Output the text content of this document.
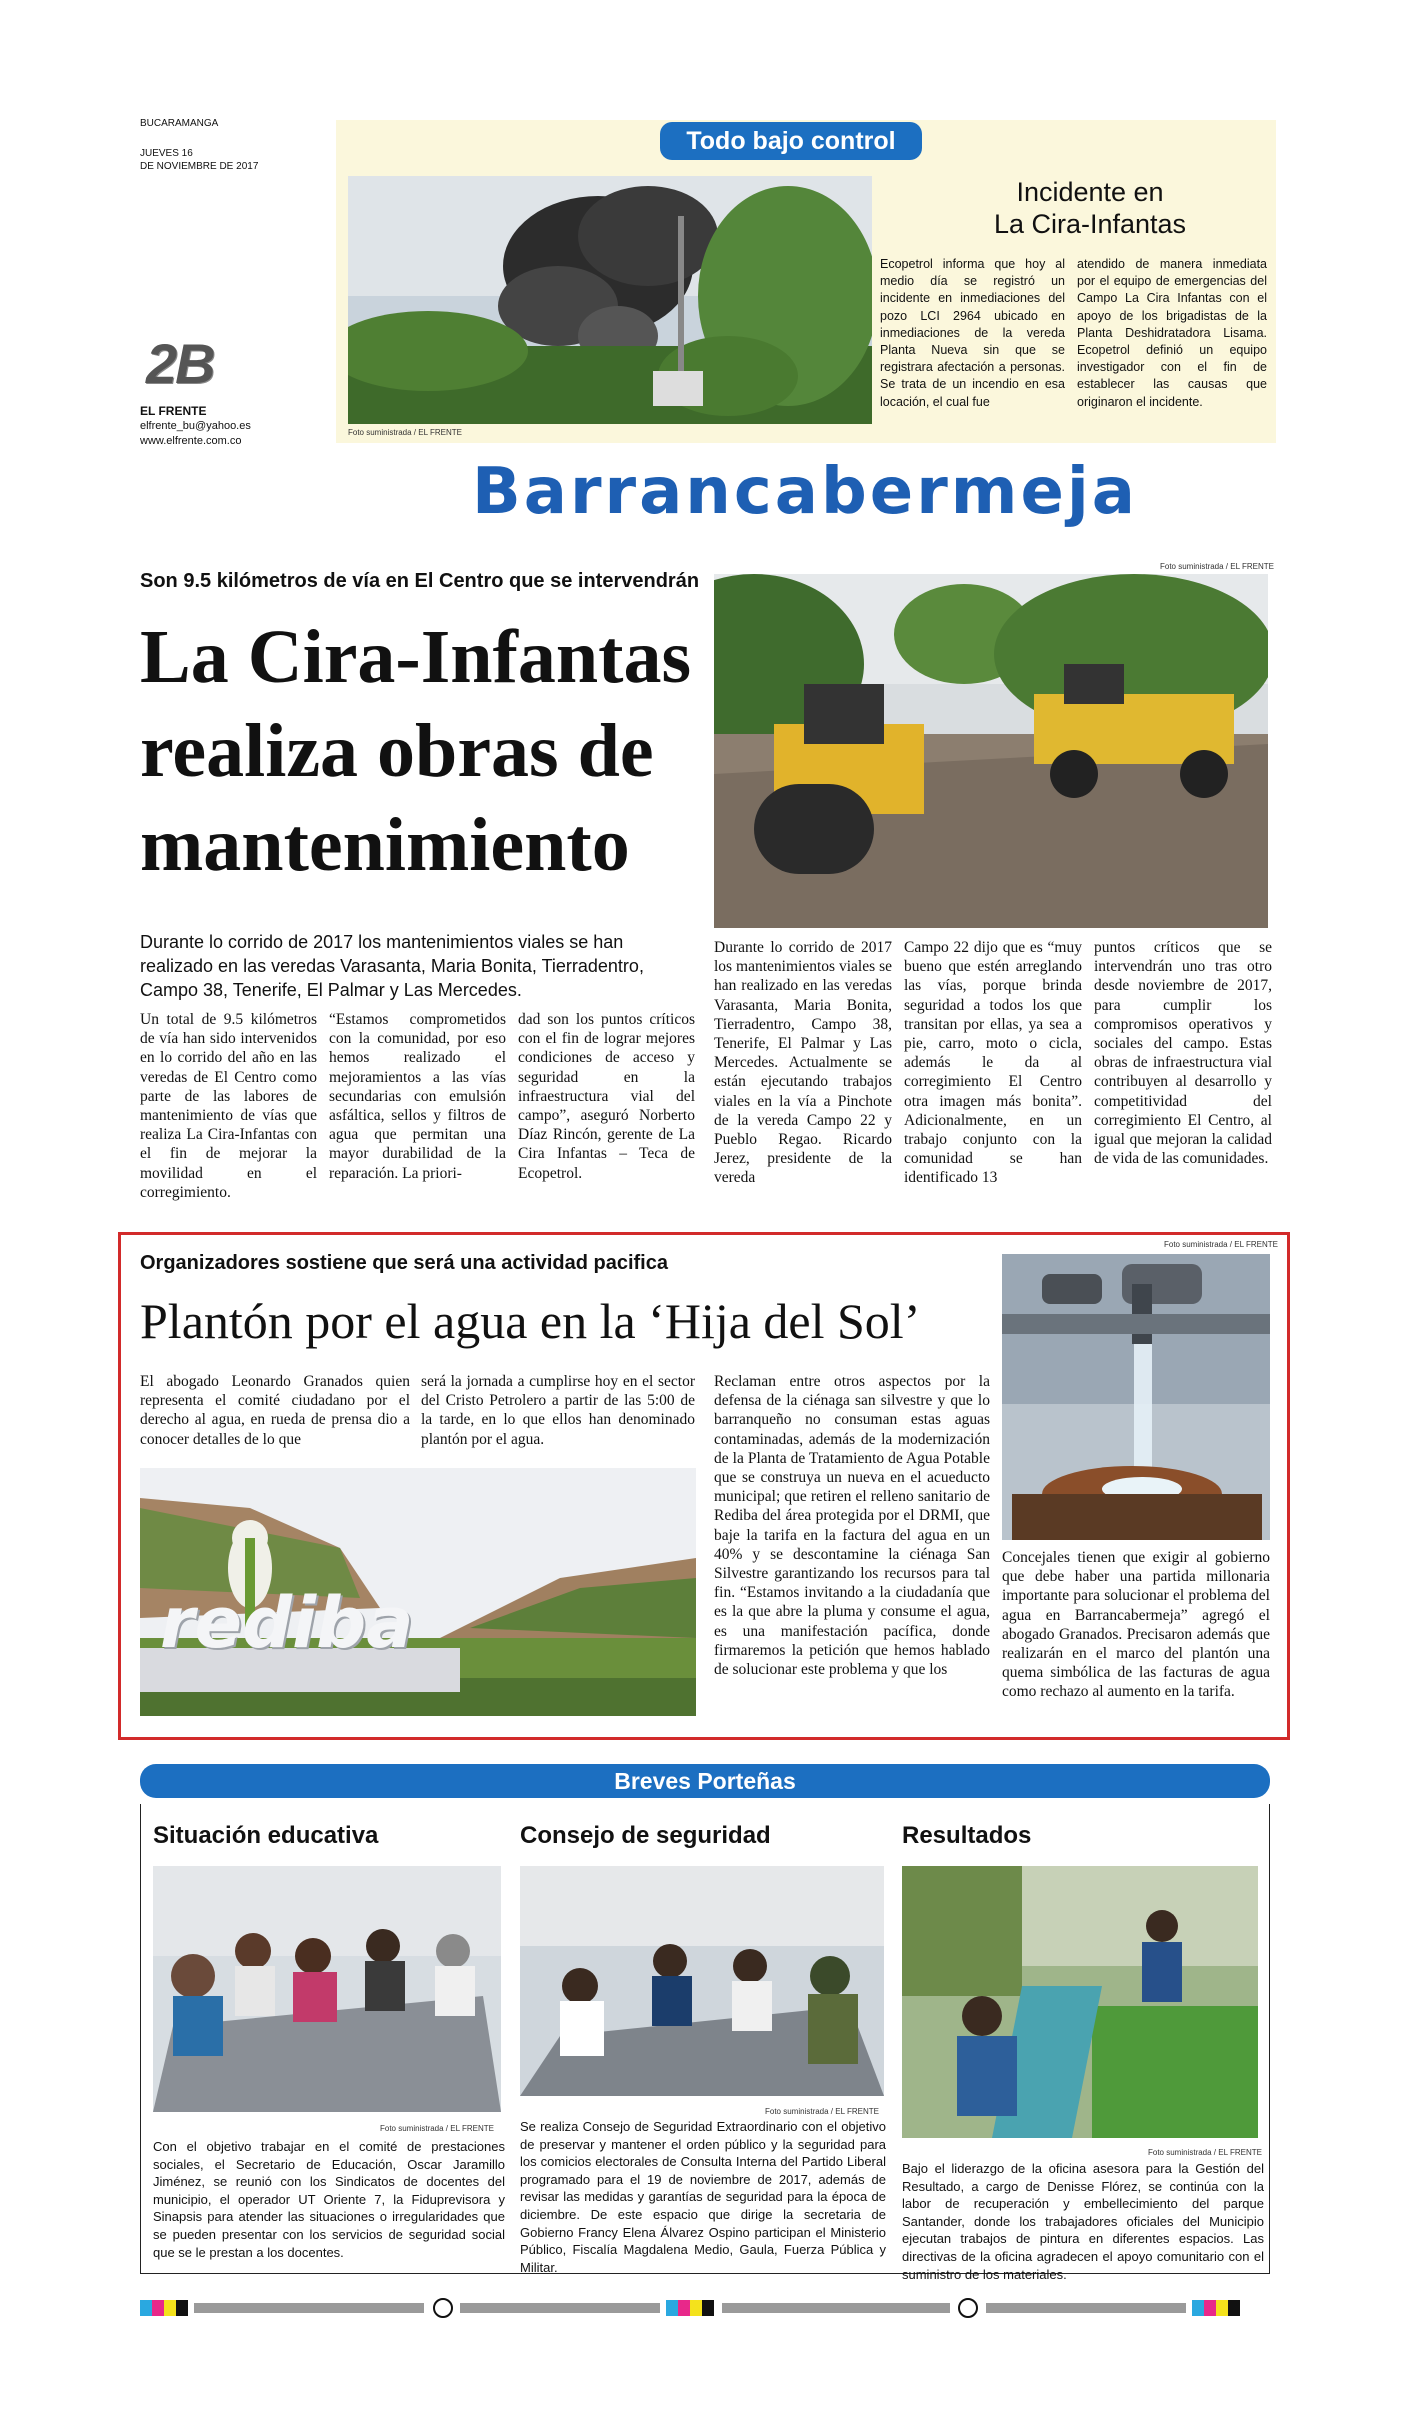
BUCARAMANGA
JUEVES 16
DE NOVIEMBRE DE 2017
2B
EL FRENTE
elfrente_bu@yahoo.es
www.elfrente.com.co
Todo bajo control
Foto suministrada / EL FRENTE
Incidente en
La Cira-Infantas
Ecopetrol informa que hoy al medio día se registró un incidente en inmediaciones del pozo LCI 2964 ubicado en inmediaciones de la vereda Planta Nueva sin que se registrara afectación a personas. Se trata de un incendio en esa locación, el cual fue
atendido de manera inmediata por el equipo de emergencias del Campo La Cira Infantas con el apoyo de los brigadistas de la Planta Deshidratadora Lisama. Ecopetrol definió un equipo investigador con el fin de establecer las causas que originaron el incidente.
Barrancabermeja
Son 9.5 kilómetros de vía en El Centro que se intervendrán
La Cira-Infantas
realiza obras de
mantenimiento
Foto suministrada / EL FRENTE
Durante lo corrido de 2017 los mantenimientos viales se han realizado en las veredas Varasanta, Maria Bonita, Tierradentro, Campo 38, Tenerife, El Palmar y Las Mercedes.
Un total de 9.5 kilómetros de vía han sido intervenidos en lo corrido del año en las veredas de El Centro como parte de las labores de mantenimiento de vías que realiza La Cira-Infantas con el fin de mejorar la movilidad en el corregimiento.
“Estamos comprometidos con la comunidad, por eso hemos realizado el mejoramientos a las vías secundarias con emulsión asfáltica, sellos y filtros de agua que permitan una mayor durabilidad de la reparación. La priori-
dad son los puntos críticos con el fin de lograr mejores condiciones de acceso y seguridad en la infraestructura vial del campo”, aseguró Norberto Díaz Rincón, gerente de La Cira Infantas – Teca de Ecopetrol.
Durante lo corrido de 2017 los mantenimientos viales se han realizado en las veredas Varasanta, Maria Bonita, Tierradentro, Campo 38, Tenerife, El Palmar y Las Mercedes. Actualmente se están ejecutando trabajos viales en la vía a Pinchote de la vereda Campo 22 y Pueblo Regao. Ricardo Jerez, presidente de la vereda
Campo 22 dijo que es “muy bueno que estén arreglando las vías, porque brinda seguridad a todos los que transitan por ellas, ya sea a pie, carro, moto o cicla, además le da al corregimiento El Centro otra imagen más bonita”. Adicionalmente, en un trabajo conjunto con la comunidad se han identificado 13
puntos críticos que se intervendrán uno tras otro desde noviembre de 2017, para cumplir los compromisos operativos y sociales del campo. Estas obras de infraestructura vial contribuyen al desarrollo y competitividad del corregimiento El Centro, al igual que mejoran la calidad de vida de las comunidades.
Organizadores sostiene que será una actividad pacifica
Plantón por el agua en la ‘Hija del Sol’
El abogado Leonardo Granados quien representa el comité ciudadano por el derecho al agua, en rueda de prensa dio a conocer detalles de lo que
será la jornada a cumplirse hoy en el sector del Cristo Petrolero a partir de las 5:00 de la tarde, en lo que ellos han denominado plantón por el agua.
rediba
Reclaman entre otros aspectos por la defensa de la ciénaga san silvestre y que lo barranqueño no consuman estas aguas contaminadas, además de la modernización de la Planta de Tratamiento de Agua Potable que se construya un nueva en el acueducto municipal; que retiren el relleno sanitario de Rediba del área protegida por el DRMI, que baje la tarifa en la factura del agua en un 40% y se descontamine la ciénaga San Silvestre garantizando los recursos para tal fin. “Estamos invitando a la ciudadanía que es la que abre la pluma y consume el agua, es una manifestación pacífica, donde firmaremos la petición que hemos hablado de solucionar este problema y que los
Foto suministrada / EL FRENTE
Concejales tienen que exigir al gobierno que debe haber una partida millonaria importante para solucionar el problema del agua en Barrancabermeja” agregó el abogado Granados. Precisaron además que realizarán en el marco del plantón una quema simbólica de las facturas de agua como rechazo al aumento en la tarifa.
Breves Porteñas
Situación educativa
Foto suministrada / EL FRENTE
Con el objetivo trabajar en el comité de prestaciones sociales, el Secretario de Educación, Oscar Jaramillo Jiménez, se reunió con los Sindicatos de docentes del municipio, el operador UT Oriente 7, la Fiduprevisora y Sinapsis para atender las situaciones o irregularidades que se pueden presentar con los servicios de seguridad social que se le prestan a los docentes.
Consejo de seguridad
Foto suministrada / EL FRENTE
Se realiza Consejo de Seguridad Extraordinario con el objetivo de preservar y mantener el orden público y la seguridad para los comicios electorales de Consulta Interna del Partido Liberal programado para el 19 de noviembre de 2017, además de revisar las medidas y garantías de seguridad para la época de diciembre. De este espacio que dirige la secretaria de Gobierno Francy Elena Álvarez Ospino participan el Ministerio Público, Fiscalía Magdalena Medio, Gaula, Fuerza Pública y Militar.
Resultados
Foto suministrada / EL FRENTE
Bajo el liderazgo de la oficina asesora para la Gestión del Resultado, a cargo de Denisse Flórez, se continúa con la labor de recuperación y embellecimiento del parque Santander, donde los trabajadores oficiales del Municipio ejecutan trabajos de pintura en diferentes espacios. Las directivas de la oficina agradecen el apoyo comunitario con el suministro de los materiales.
